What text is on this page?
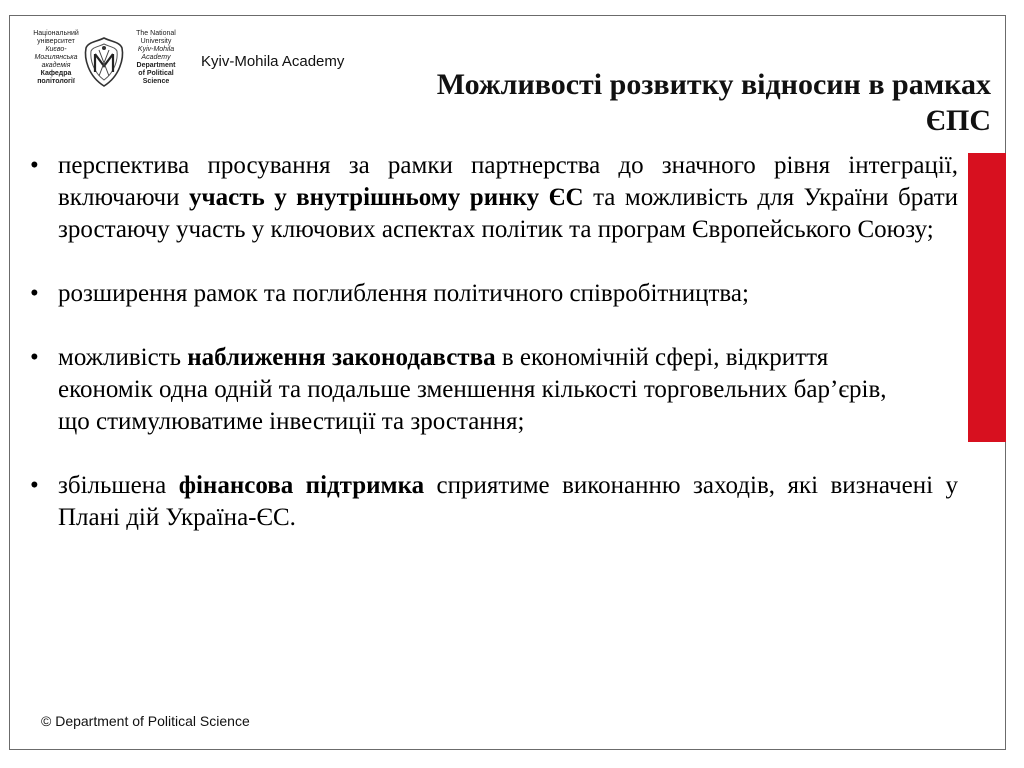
Національний
університет
Києво-
Могилянська
академія
Кафедра
політології
The National
University
Kyiv-Mohila
Academy
Department
of Political
Science
Kyiv-Mohila Academy
Можливості розвитку відносин в рамках
ЄПС
• перспектива просування за рамки партнерства до значного рівня інтеграції, включаючи участь у внутрішньому ринку ЄС та можливість для України брати зростаючу участь у ключових аспектах політик та програм Європейського Союзу;
• розширення рамок та поглиблення політичного співробітництва;
• можливість наближення законодавства в економічній сфері, відкриття економік одна одній та подальше зменшення кількості торговельних бар’єрів, що стимулюватиме інвестиції та зростання;
• збільшена фінансова підтримка сприятиме виконанню заходів, які визначені у Плані дій Україна-ЄС.
© Department of Political Science
